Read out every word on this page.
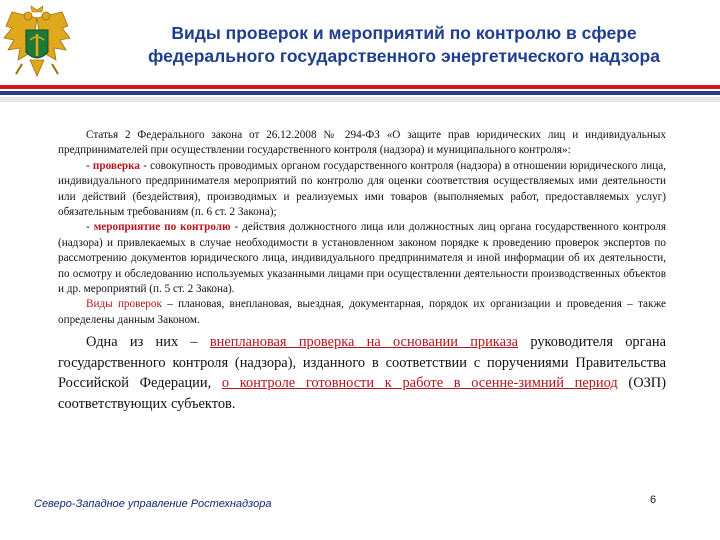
Виды проверок и мероприятий по контролю в сфере
федерального государственного энергетического надзора

Статья 2 Федерального закона от 26.12.2008 № 294-ФЗ «О защите прав юридических лиц и индивидуальных предпринимателей при осуществлении государственного контроля (надзора) и муниципального контроля»:

- проверка - совокупность проводимых органом государственного контроля (надзора) в отношении юридического лица, индивидуального предпринимателя мероприятий по контролю для оценки соответствия осуществляемых ими деятельности или действий (бездействия), производимых и реализуемых ими товаров (выполняемых работ, предоставляемых услуг) обязательным требованиям (п. 6 ст. 2 Закона);

- мероприятие по контролю - действия должностного лица или должностных лиц органа государственного контроля (надзора) и привлекаемых в случае необходимости в установленном законом порядке к проведению проверок экспертов по рассмотрению документов юридического лица, индивидуального предпринимателя и иной информации об их деятельности, по осмотру и обследованию используемых указанными лицами при осуществлении деятельности производственных объектов и др. мероприятий (п. 5 ст. 2 Закона).

Виды проверок – плановая, внеплановая, выездная, документарная, порядок их организации и проведения – также определены данным Законом.

Одна из них – внеплановая проверка на основании приказа руководителя органа государственного контроля (надзора), изданного в соответствии с поручениями Правительства Российской Федерации, о контроле готовности к работе в осенне-зимний период (ОЗП) соответствующих субъектов.

Северо-Западное управление Ростехнадзора	6
